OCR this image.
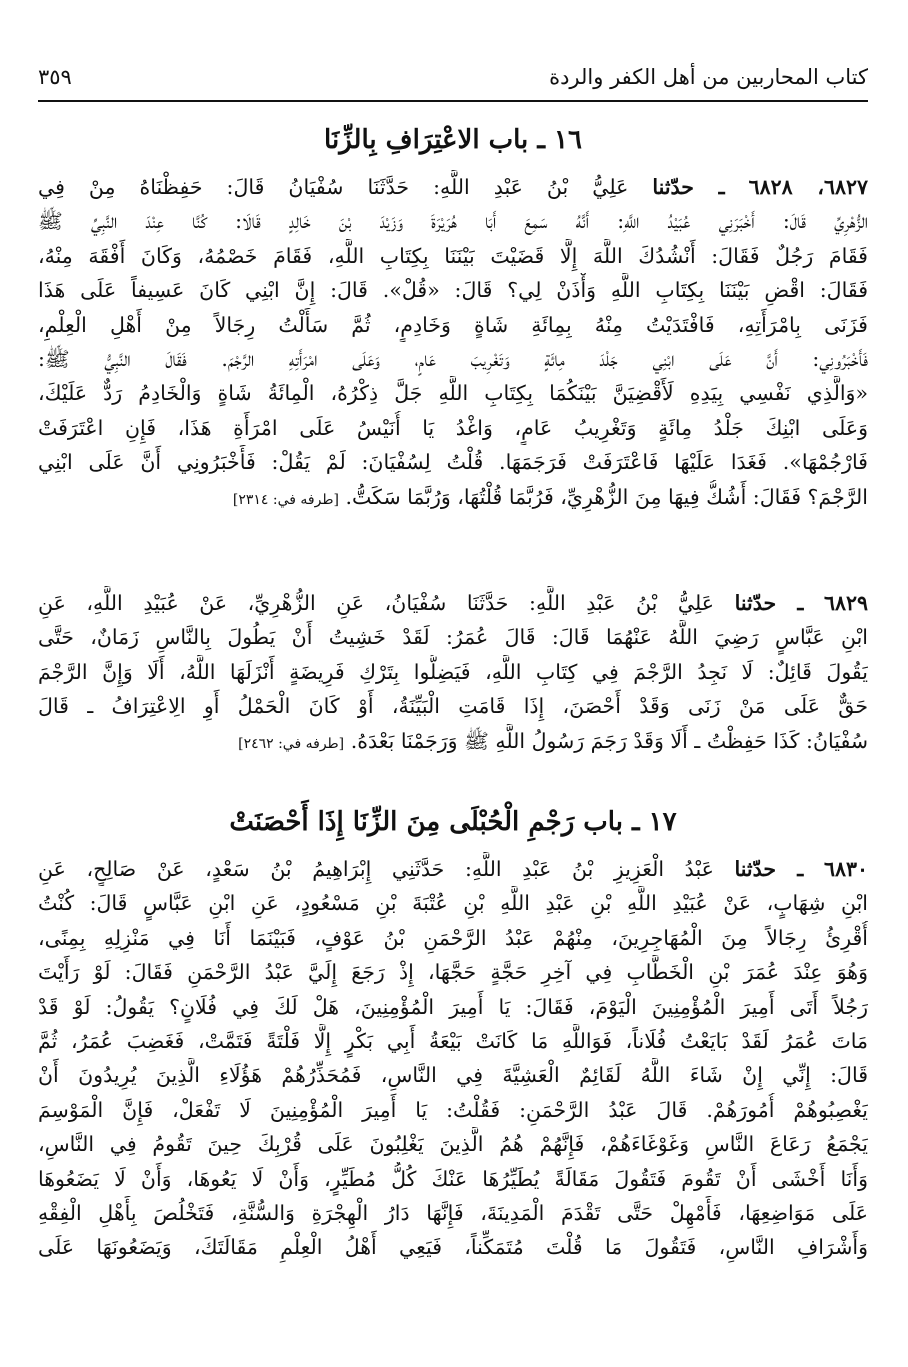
كتاب المحاربين من أهل الكفر والردة
٣٥٩
١٦ ـ باب الاعْتِرَافِ بِالزِّنَا
٦٨٢٧، ٦٨٢٨ ـ حدّثنا عَلِيُّ بْنُ عَبْدِ اللَّهِ: حَدَّثَنَا سُفْيَانُ قَالَ: حَفِظْنَاهُ مِنْ فِي
الزُّهْرِيِّ قَالَ: أَخْبَرَنِي عُبَيْدُ اللَّهِ: أَنَّهُ سَمِعَ أَبَا هُرَيْرَةَ وَزَيْدَ بْنَ خَالِدٍ قَالَا: كُنَّا عِنْدَ النَّبِيِّ ﷺ
فَقَامَ رَجُلٌ فَقَالَ: أَنْشُدُكَ اللَّهَ إِلَّا قَضَيْتَ بَيْنَنَا بِكِتَابِ اللَّهِ، فَقَامَ خَصْمُهُ، وَكَانَ أَفْقَهَ مِنْهُ،
فَقَالَ: اقْضِ بَيْنَنَا بِكِتَابِ اللَّهِ وَأْذَنْ لِي؟ قَالَ: «قُلْ». قَالَ: إِنَّ ابْنِي كَانَ عَسِيفاً عَلَى هَذَا
فَزَنَى بِامْرَأَتِهِ، فَافْتَدَيْتُ مِنْهُ بِمِائَةِ شَاةٍ وَخَادِمٍ، ثُمَّ سَأَلْتُ رِجَالاً مِنْ أَهْلِ الْعِلْمِ،
فَأَخْبَرُونِي: أَنَّ عَلَى ابْنِي جَلْدَ مِائَةٍ وَتَغْرِيبَ عَامٍ، وَعَلَى امْرَأَتِهِ الرَّجْمَ. فَقَالَ النَّبِيُّ ﷺ:
«وَالَّذِي نَفْسِي بِيَدِهِ لَأَقْضِيَنَّ بَيْنَكُمَا بِكِتَابِ اللَّهِ جَلَّ ذِكْرُهُ، الْمِائَةُ شَاةٍ وَالْخَادِمُ رَدٌّ عَلَيْكَ،
وَعَلَى ابْنِكَ جَلْدُ مِائَةٍ وَتَغْرِيبُ عَامٍ، وَاغْدُ يَا أُنَيْسُ عَلَى امْرَأَةِ هَذَا، فَإِنِ اعْتَرَفَتْ
فَارْجُمْهَا». فَغَدَا عَلَيْهَا فَاعْتَرَفَتْ فَرَجَمَهَا. قُلْتُ لِسُفْيَانَ: لَمْ يَقُلْ: فَأَخْبَرُونِي أَنَّ عَلَى ابْنِي
الرَّجْمَ؟ فَقَالَ: أَشُكُّ فِيهَا مِنَ الزُّهْرِيِّ، فَرُبَّمَا قُلْتُهَا، وَرُبَّمَا سَكَتُّ. [طرفه في: ٢٣١٤]
٦٨٢٩ ـ حدّثنا عَلِيُّ بْنُ عَبْدِ اللَّهِ: حَدَّثَنَا سُفْيَانُ، عَنِ الزُّهْرِيِّ، عَنْ عُبَيْدِ اللَّهِ، عَنِ
ابْنِ عَبَّاسٍ رَضِيَ اللَّهُ عَنْهُمَا قَالَ: قَالَ عُمَرُ: لَقَدْ خَشِيتُ أَنْ يَطُولَ بِالنَّاسِ زَمَانٌ، حَتَّى
يَقُولَ قَائِلٌ: لَا نَجِدُ الرَّجْمَ فِي كِتَابِ اللَّهِ، فَيَضِلُّوا بِتَرْكِ فَرِيضَةٍ أَنْزَلَهَا اللَّهُ، أَلَا وَإِنَّ الرَّجْمَ
حَقٌّ عَلَى مَنْ زَنَى وَقَدْ أَحْصَنَ، إِذَا قَامَتِ الْبَيِّنَةُ، أَوْ كَانَ الْحَمْلُ أَوِ الِاعْتِرَافُ ـ قَالَ
سُفْيَانُ: كَذَا حَفِظْتُ ـ أَلَا وَقَدْ رَجَمَ رَسُولُ اللَّهِ ﷺ وَرَجَمْنَا بَعْدَهُ. [طرفه في: ٢٤٦٢]
١٧ ـ باب رَجْمِ الْحُبْلَى مِنَ الزِّنَا إِذَا أَحْصَنَتْ
٦٨٣٠ ـ حدّثنا عَبْدُ الْعَزِيزِ بْنُ عَبْدِ اللَّهِ: حَدَّثَنِي إِبْرَاهِيمُ بْنُ سَعْدٍ، عَنْ صَالِحٍ، عَنِ
ابْنِ شِهَابٍ، عَنْ عُبَيْدِ اللَّهِ بْنِ عَبْدِ اللَّهِ بْنِ عُتْبَةَ بْنِ مَسْعُودٍ، عَنِ ابْنِ عَبَّاسٍ قَالَ: كُنْتُ
أُقْرِئُ رِجَالاً مِنَ الْمُهَاجِرِينَ، مِنْهُمْ عَبْدُ الرَّحْمَنِ بْنُ عَوْفٍ، فَبَيْنَمَا أَنَا فِي مَنْزِلِهِ بِمِنًى،
وَهُوَ عِنْدَ عُمَرَ بْنِ الْخَطَّابِ فِي آخِرِ حَجَّةٍ حَجَّهَا، إِذْ رَجَعَ إِلَيَّ عَبْدُ الرَّحْمَنِ فَقَالَ: لَوْ رَأَيْتَ
رَجُلاً أَتَى أَمِيرَ الْمُؤْمِنِينَ الْيَوْمَ، فَقَالَ: يَا أَمِيرَ الْمُؤْمِنِينَ، هَلْ لَكَ فِي فُلَانٍ؟ يَقُولُ: لَوْ قَدْ
مَاتَ عُمَرُ لَقَدْ بَايَعْتُ فُلَاناً، فَوَاللَّهِ مَا كَانَتْ بَيْعَةُ أَبِي بَكْرٍ إِلَّا فَلْتَةً فَتَمَّتْ، فَغَضِبَ عُمَرُ، ثُمَّ
قَالَ: إِنِّي إِنْ شَاءَ اللَّهُ لَقَائِمٌ الْعَشِيَّةَ فِي النَّاسِ، فَمُحَذِّرُهُمْ هَؤُلَاءِ الَّذِينَ يُرِيدُونَ أَنْ
يَغْصِبُوهُمْ أُمُورَهُمْ. قَالَ عَبْدُ الرَّحْمَنِ: فَقُلْتُ: يَا أَمِيرَ الْمُؤْمِنِينَ لَا تَفْعَلْ، فَإِنَّ الْمَوْسِمَ
يَجْمَعُ رَعَاعَ النَّاسِ وَغَوْغَاءَهُمْ، فَإِنَّهُمْ هُمُ الَّذِينَ يَغْلِبُونَ عَلَى قُرْبِكَ حِينَ تَقُومُ فِي النَّاسِ،
وَأَنَا أَخْشَى أَنْ تَقُومَ فَتَقُولَ مَقَالَةً يُطَيِّرُهَا عَنْكَ كُلُّ مُطَيِّرٍ، وَأَنْ لَا يَعُوهَا، وَأَنْ لَا يَضَعُوهَا
عَلَى مَوَاضِعِهَا، فَأَمْهِلْ حَتَّى تَقْدَمَ الْمَدِينَةَ، فَإِنَّهَا دَارُ الْهِجْرَةِ وَالسُّنَّةِ، فَتَخْلُصَ بِأَهْلِ الْفِقْهِ
وَأَشْرَافِ النَّاسِ، فَتَقُولَ مَا قُلْتَ مُتَمَكِّناً، فَيَعِي أَهْلُ الْعِلْمِ مَقَالَتَكَ، وَيَضَعُونَهَا عَلَى
